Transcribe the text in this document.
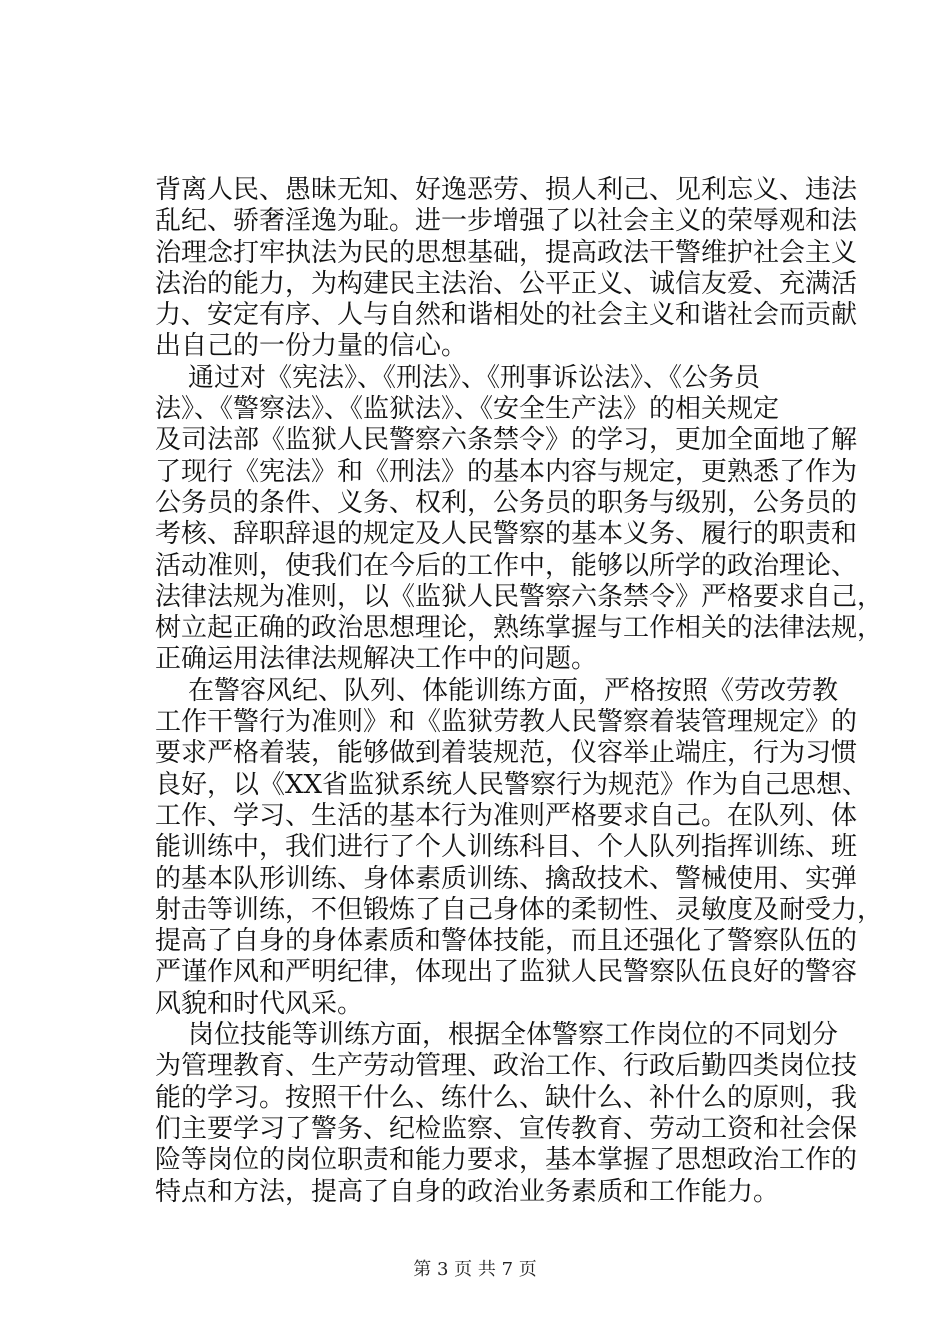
背离人民、愚昧无知、好逸恶劳、损人利己、见利忘义、违法
乱纪、骄奢淫逸为耻。进一步增强了以社会主义的荣辱观和法
治理念打牢执法为民的思想基础，提高政法干警维护社会主义
法治的能力，为构建民主法治、公平正义、诚信友爱、充满活
力、安定有序、人与自然和谐相处的社会主义和谐社会而贡献
出自己的一份力量的信心。
通过对《宪法》、《刑法》、《刑事诉讼法》、《公务员
法》、《警察法》、《监狱法》、《安全生产法》的相关规定
及司法部《监狱人民警察六条禁令》的学习，更加全面地了解
了现行《宪法》和《刑法》的基本内容与规定，更熟悉了作为
公务员的条件、义务、权利，公务员的职务与级别，公务员的
考核、辞职辞退的规定及人民警察的基本义务、履行的职责和
活动准则，使我们在今后的工作中，能够以所学的政治理论、
法律法规为准则，以《监狱人民警察六条禁令》严格要求自己，
树立起正确的政治思想理论，熟练掌握与工作相关的法律法规，
正确运用法律法规解决工作中的问题。
在警容风纪、队列、体能训练方面，严格按照《劳改劳教
工作干警行为准则》和《监狱劳教人民警察着装管理规定》的
要求严格着装，能够做到着装规范，仪容举止端庄，行为习惯
良好，以《XX省监狱系统人民警察行为规范》作为自己思想、
工作、学习、生活的基本行为准则严格要求自己。在队列、体
能训练中，我们进行了个人训练科目、个人队列指挥训练、班
的基本队形训练、身体素质训练、擒敌技术、警械使用、实弹
射击等训练，不但锻炼了自己身体的柔韧性、灵敏度及耐受力，
提高了自身的身体素质和警体技能，而且还强化了警察队伍的
严谨作风和严明纪律，体现出了监狱人民警察队伍良好的警容
风貌和时代风采。
岗位技能等训练方面，根据全体警察工作岗位的不同划分
为管理教育、生产劳动管理、政治工作、行政后勤四类岗位技
能的学习。按照干什么、练什么、缺什么、补什么的原则，我
们主要学习了警务、纪检监察、宣传教育、劳动工资和社会保
险等岗位的岗位职责和能力要求，基本掌握了思想政治工作的
特点和方法，提高了自身的政治业务素质和工作能力。
第 3 页 共 7 页
